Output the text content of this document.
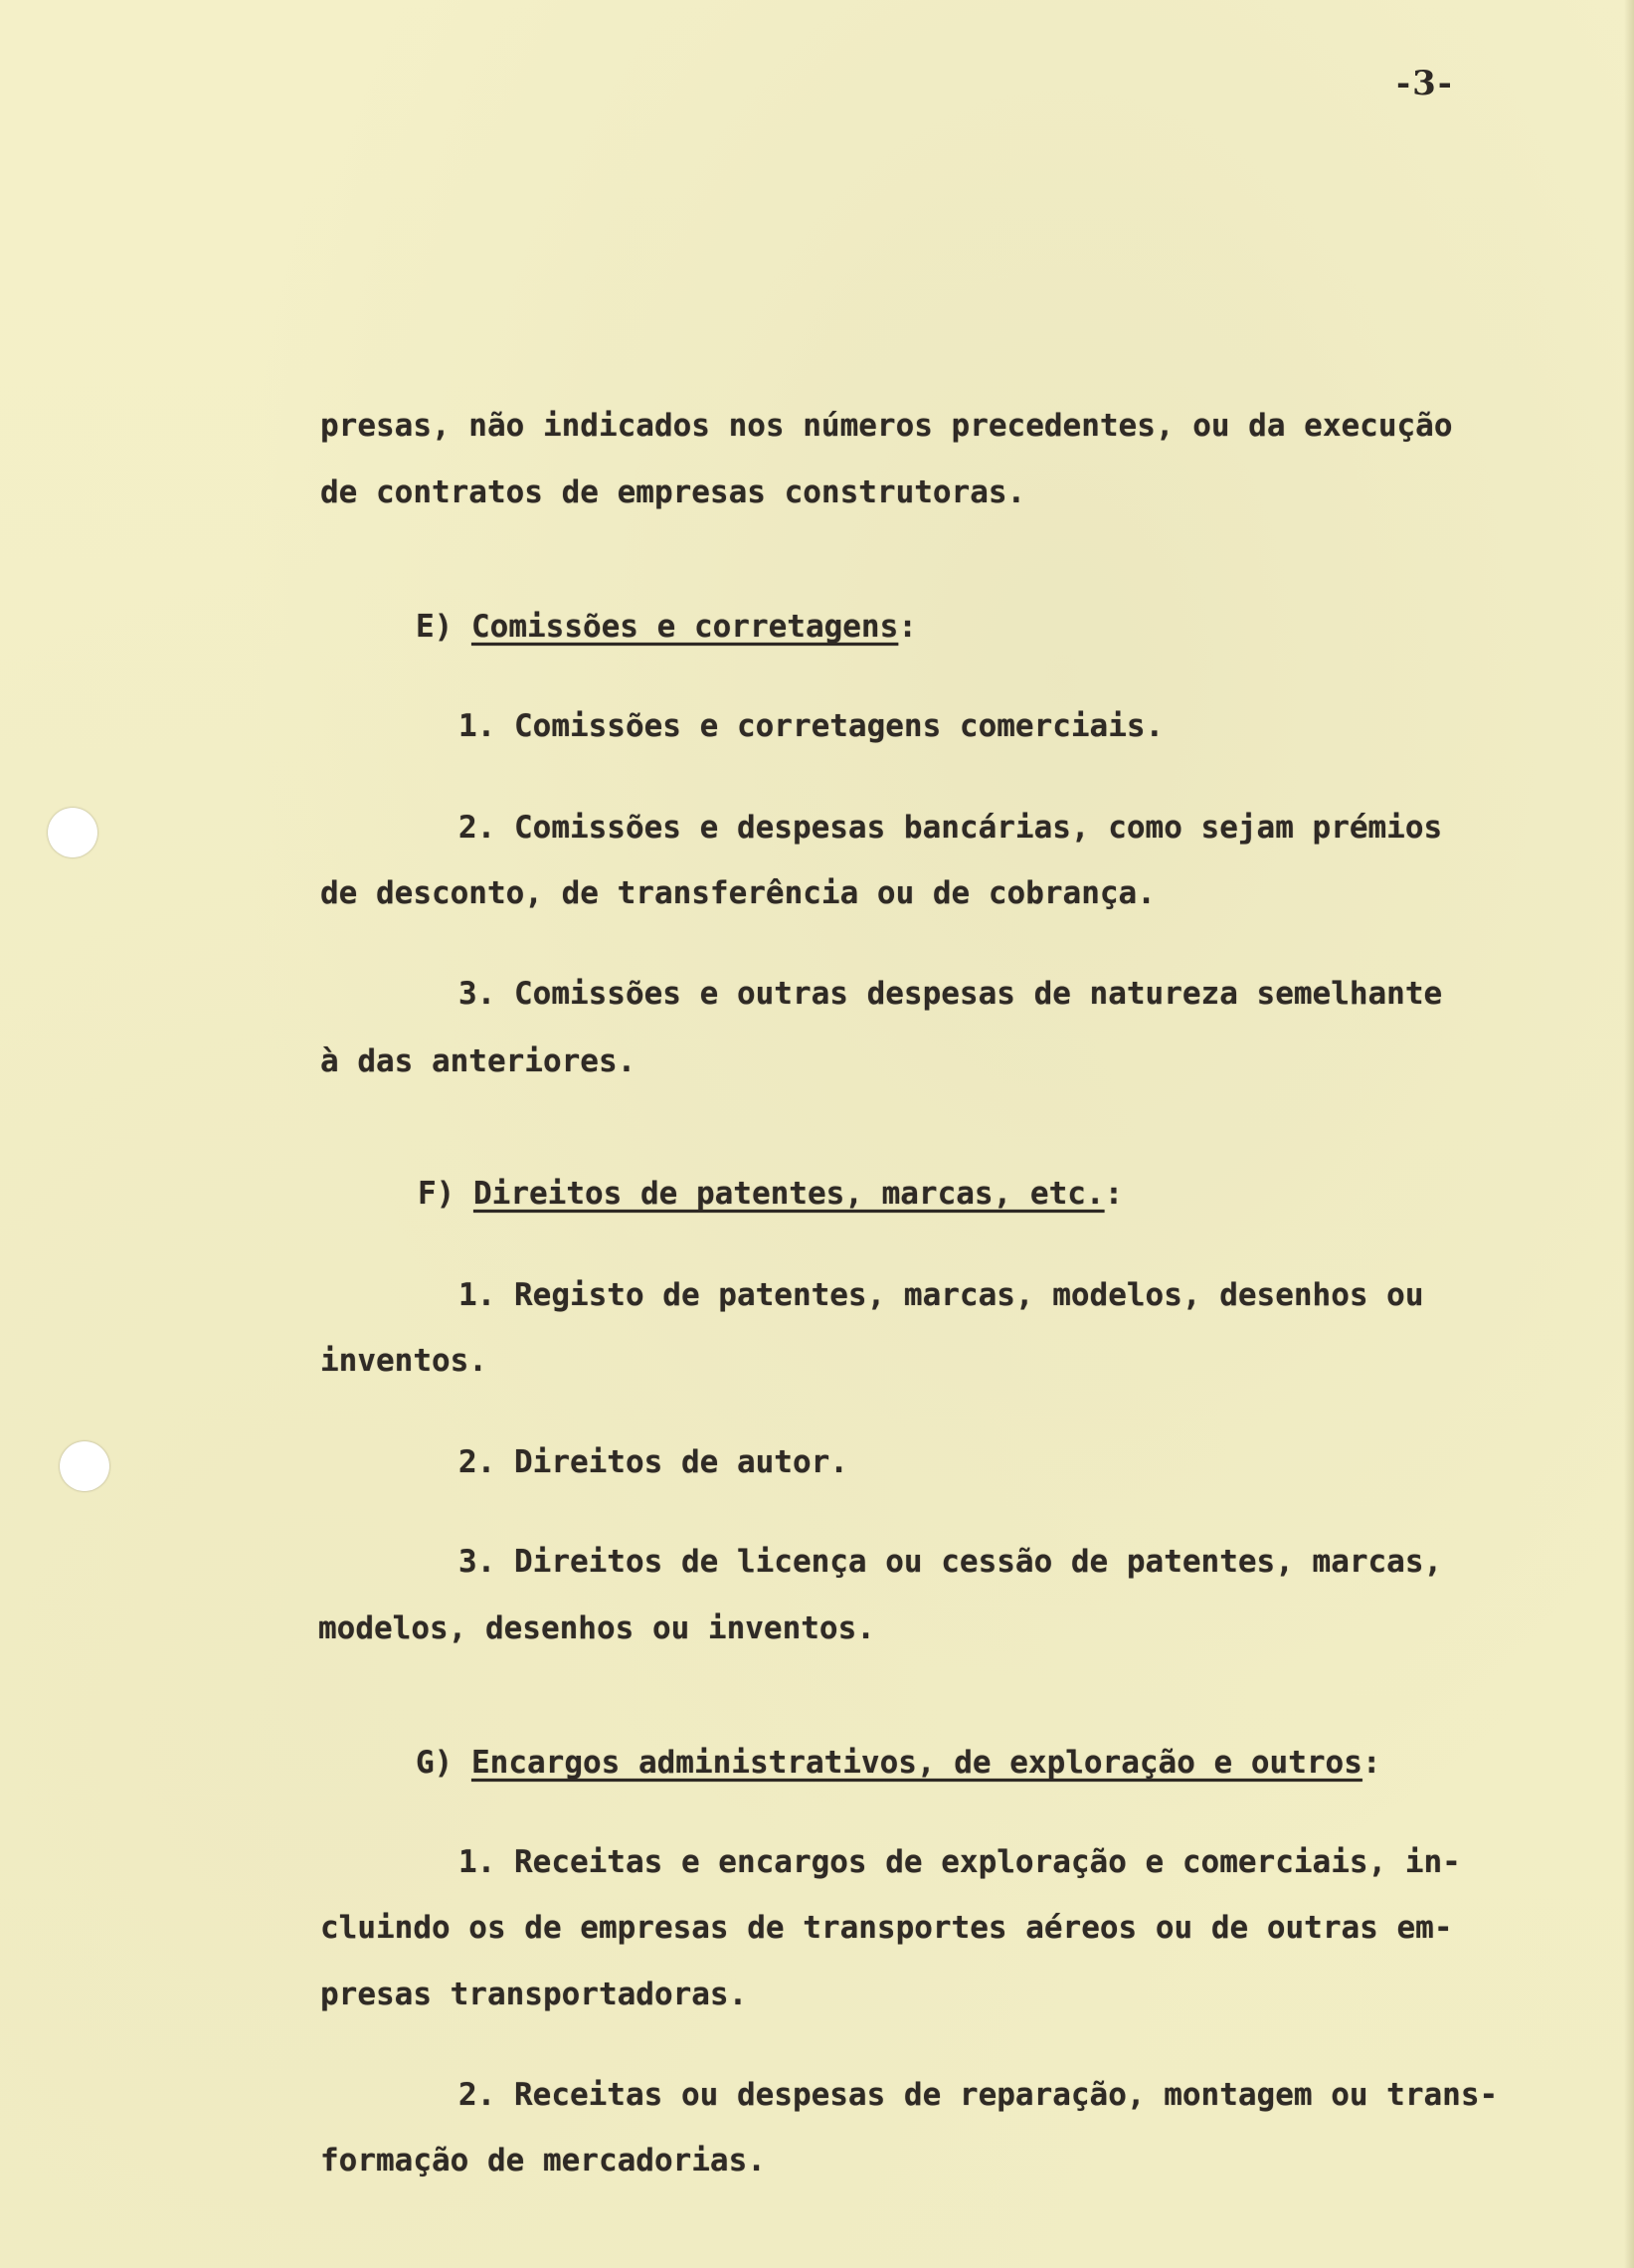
-3-
presas, não indicados nos números precedentes, ou da execução
de contratos de empresas construtoras.
E) Comissões e corretagens:
1. Comissões e corretagens comerciais.
2. Comissões e despesas bancárias, como sejam prémios
de desconto, de transferência ou de cobrança.
3. Comissões e outras despesas de natureza semelhante
à das anteriores.
F) Direitos de patentes, marcas, etc.:
1. Registo de patentes, marcas, modelos, desenhos ou
inventos.
2. Direitos de autor.
3. Direitos de licença ou cessão de patentes, marcas,
modelos, desenhos ou inventos.
G) Encargos administrativos, de exploração e outros:
1. Receitas e encargos de exploração e comerciais, in-
cluindo os de empresas de transportes aéreos ou de outras em-
presas transportadoras.
2. Receitas ou despesas de reparação, montagem ou trans-
formação de mercadorias.
